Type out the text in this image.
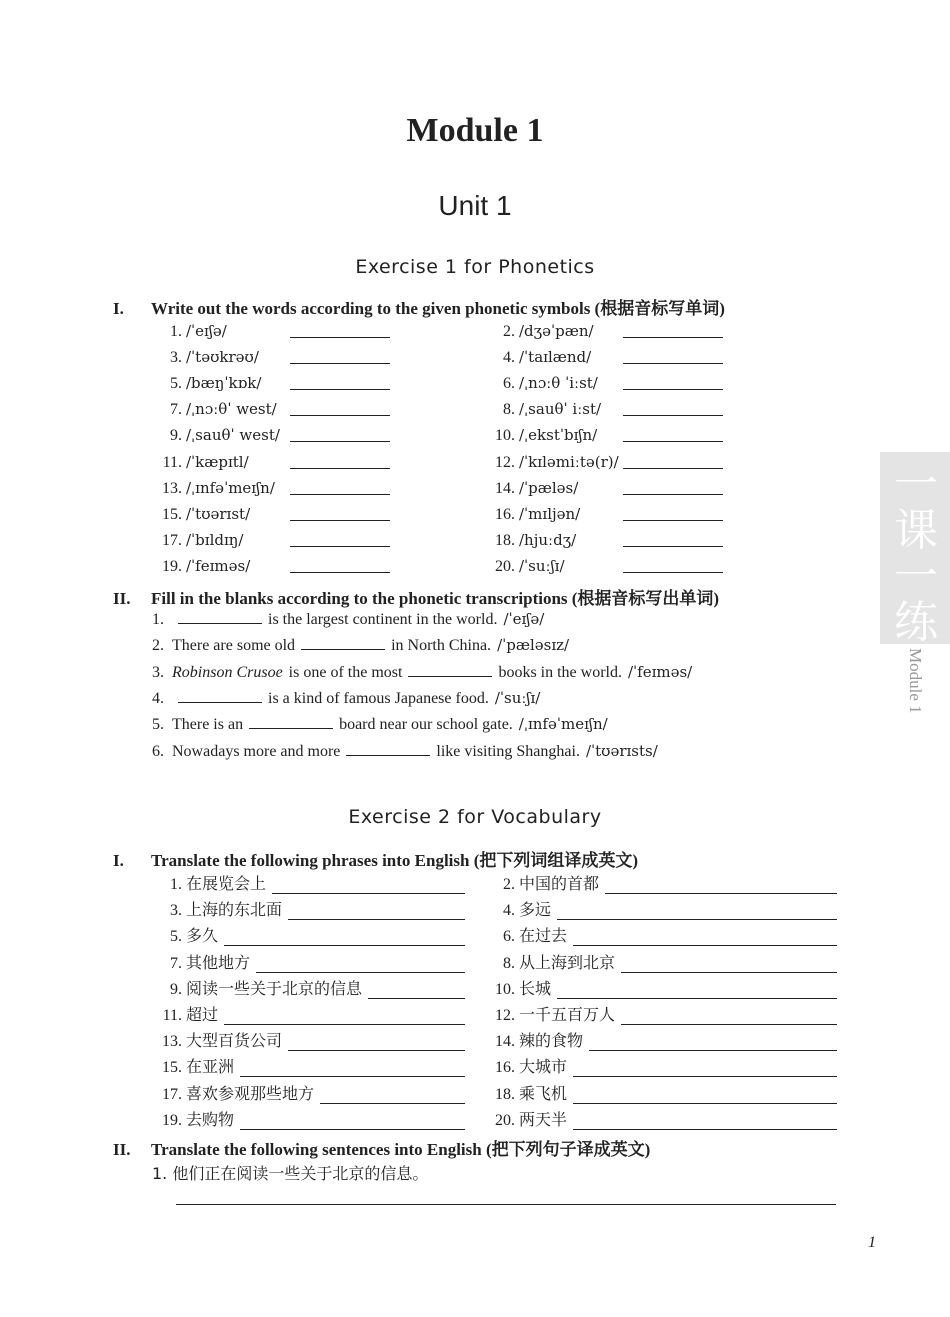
Module 1
Unit 1
Exercise 1 for Phonetics
I. Write out the words according to the given phonetic symbols (根据音标写单词)
1. /ˈeɪʃə/	2. /dʒəˈpæn/
3. /ˈtəʊkrəʊ/	4. /ˈtaɪlænd/
5. /bæŋˈkɒk/	6. /ˌnɔːθ ˈiːst/
7. /ˌnɔːθˈ west/	8. /ˌsauθˈ iːst/
9. /ˌsauθˈ west/	10. /ˌekstˈbɪʃn/
11. /ˈkæpɪtl/	12. /ˈkɪləmiːtə(r)/
13. /ˌɪnfəˈmeɪʃn/	14. /ˈpæləs/
15. /ˈtʊərɪst/	16. /ˈmɪljən/
17. /ˈbɪldɪŋ/	18. /hjuːdʒ/
19. /ˈfeɪməs/	20. /ˈsuːʃɪ/
II. Fill in the blanks according to the phonetic transcriptions (根据音标写出单词)
1.	is the largest continent in the world. /ˈeɪʃə/
2. There are some old	in North China. /ˈpæləsɪz/
3. Robinson Crusoe is one of the most	books in the world. /ˈfeɪməs/
4.	is a kind of famous Japanese food. /ˈsuːʃɪ/
5. There is an	board near our school gate. /ˌɪnfəˈmeɪʃn/
6. Nowadays more and more	like visiting Shanghai. /ˈtʊərɪsts/
Exercise 2 for Vocabulary
I. Translate the following phrases into English (把下列词组译成英文)
1. 在展览会上	2. 中国的首都
3. 上海的东北面	4. 多远
5. 多久	6. 在过去
7. 其他地方	8. 从上海到北京
9. 阅读一些关于北京的信息	10. 长城
11. 超过	12. 一千五百万人
13. 大型百货公司	14. 辣的食物
15. 在亚洲	16. 大城市
17. 喜欢参观那些地方	18. 乘飞机
19. 去购物	20. 两天半
II. Translate the following sentences into English (把下列句子译成英文)
1. 他们正在阅读一些关于北京的信息。
一
课
一
练
Module 1
1
